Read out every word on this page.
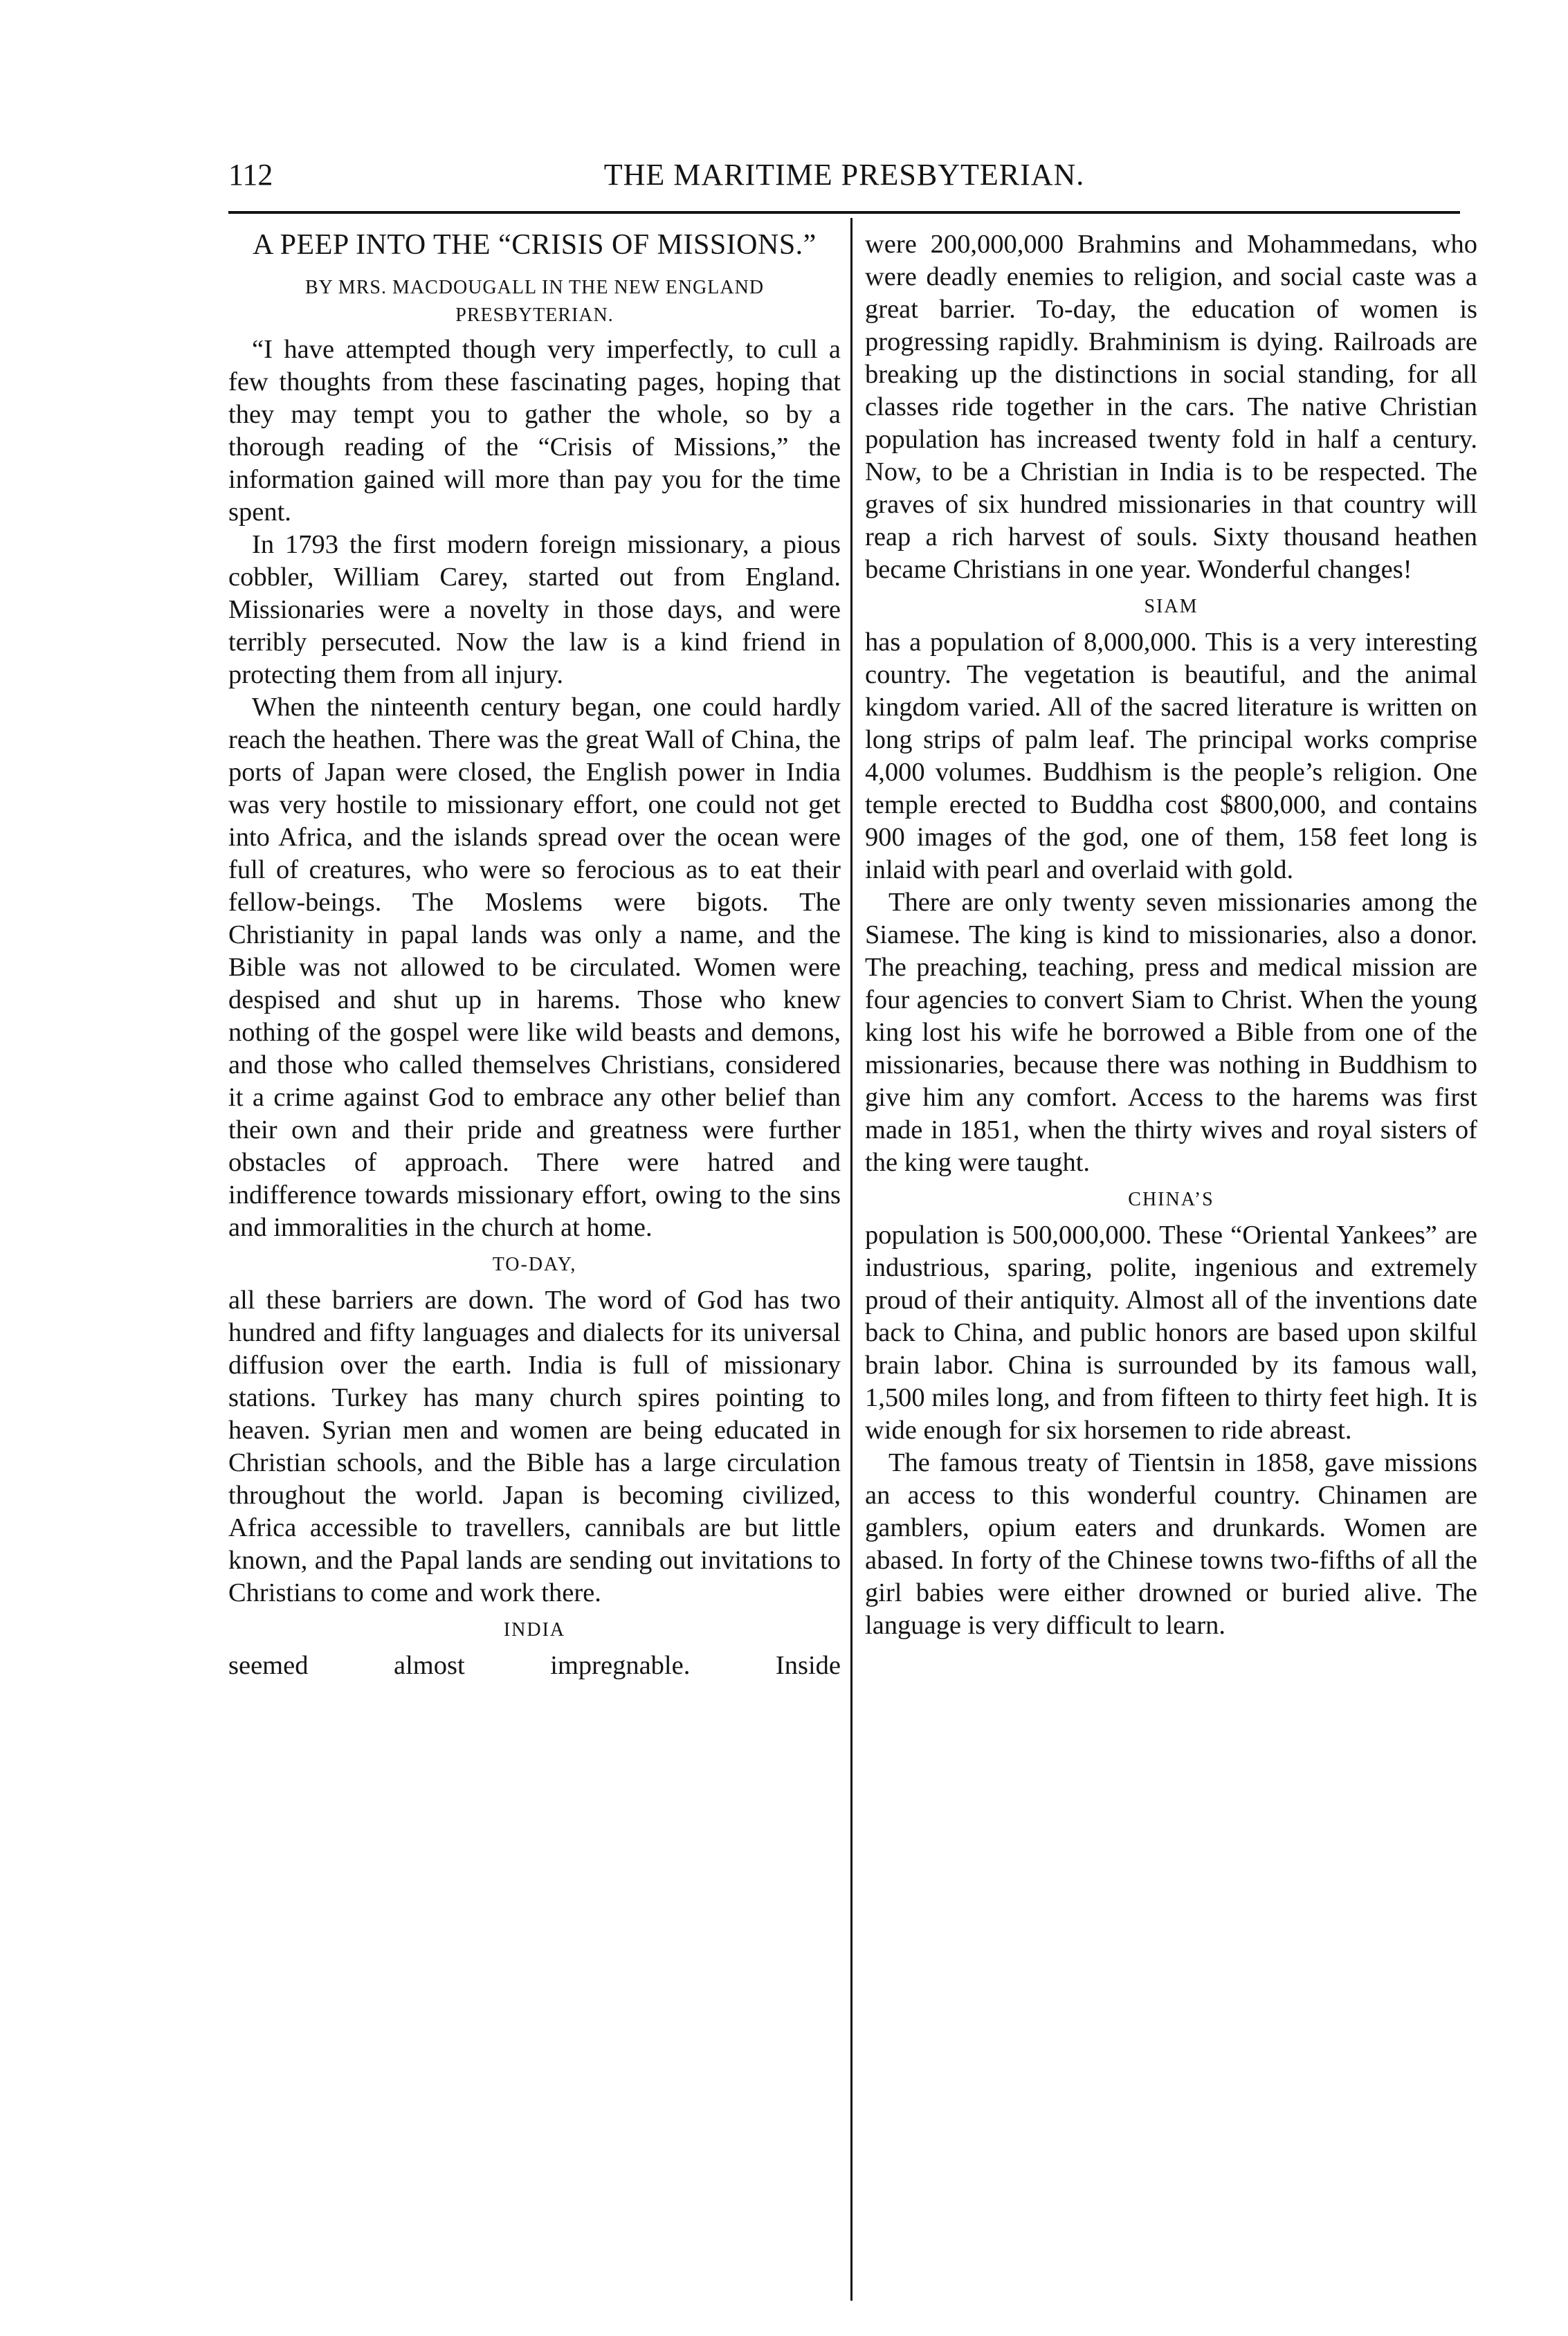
112	THE MARITIME PRESBYTERIAN.
A PEEP INTO THE “CRISIS OF MISSIONS.”
BY MRS. MACDOUGALL IN THE NEW ENGLAND PRESBYTERIAN.

“I have attempted though very imperfectly, to cull a few thoughts from these fascinating pages, hoping that they may tempt you to gather the whole, so by a thorough reading of the “Crisis of Missions,” the information gained will more than pay you for the time spent.

In 1793 the first modern foreign missionary, a pious cobbler, William Carey, started out from England. Missionaries were a novelty in those days, and were terribly persecuted. Now the law is a kind friend in protecting them from all injury.

When the ninteenth century began, one could hardly reach the heathen. There was the great Wall of China, the ports of Japan were closed, the English power in India was very hostile to missionary effort, one could not get into Africa, and the islands spread over the ocean were full of creatures, who were so ferocious as to eat their fellow-beings. The Moslems were bigots. The Christianity in papal lands was only a name, and the Bible was not allowed to be circulated. Women were despised and shut up in harems. Those who knew nothing of the gospel were like wild beasts and demons, and those who called themselves Christians, considered it a crime against God to embrace any other belief than their own and their pride and greatness were further obstacles of approach. There were hatred and indifference towards missionary effort, owing to the sins and immoralities in the church at home.

TO-DAY,

all these barriers are down. The word of God has two hundred and fifty languages and dialects for its universal diffusion over the earth. India is full of missionary stations. Turkey has many church spires pointing to heaven. Syrian men and women are being educated in Christian schools, and the Bible has a large circulation throughout the world. Japan is becoming civilized, Africa accessible to travellers, cannibals are but little known, and the Papal lands are sending out invitations to Christians to come and work there.

INDIA

seemed almost impregnable. Inside

were 200,000,000 Brahmins and Mohammedans, who were deadly enemies to religion, and social caste was a great barrier. To-day, the education of women is progressing rapidly. Brahminism is dying. Railroads are breaking up the distinctions in social standing, for all classes ride together in the cars. The native Christian population has increased twenty fold in half a century. Now, to be a Christian in India is to be respected. The graves of six hundred missionaries in that country will reap a rich harvest of souls. Sixty thousand heathen became Christians in one year. Wonderful changes!

SIAM

has a population of 8,000,000. This is a very interesting country. The vegetation is beautiful, and the animal kingdom varied. All of the sacred literature is written on long strips of palm leaf. The principal works comprise 4,000 volumes. Buddhism is the people’s religion. One temple erected to Buddha cost $800,000, and contains 900 images of the god, one of them, 158 feet long is inlaid with pearl and overlaid with gold.

There are only twenty seven missionaries among the Siamese. The king is kind to missionaries, also a donor. The preaching, teaching, press and medical mission are four agencies to convert Siam to Christ. When the young king lost his wife he borrowed a Bible from one of the missionaries, because there was nothing in Buddhism to give him any comfort. Access to the harems was first made in 1851, when the thirty wives and royal sisters of the king were taught.

CHINA’S

population is 500,000,000. These “Oriental Yankees” are industrious, sparing, polite, ingenious and extremely proud of their antiquity. Almost all of the inventions date back to China, and public honors are based upon skilful brain labor. China is surrounded by its famous wall, 1,500 miles long, and from fifteen to thirty feet high. It is wide enough for six horsemen to ride abreast.

The famous treaty of Tientsin in 1858, gave missions an access to this wonderful country. Chinamen are gamblers, opium eaters and drunkards. Women are abased. In forty of the Chinese towns two-fifths of all the girl babies were either drowned or buried alive. The language is very difficult to learn.
